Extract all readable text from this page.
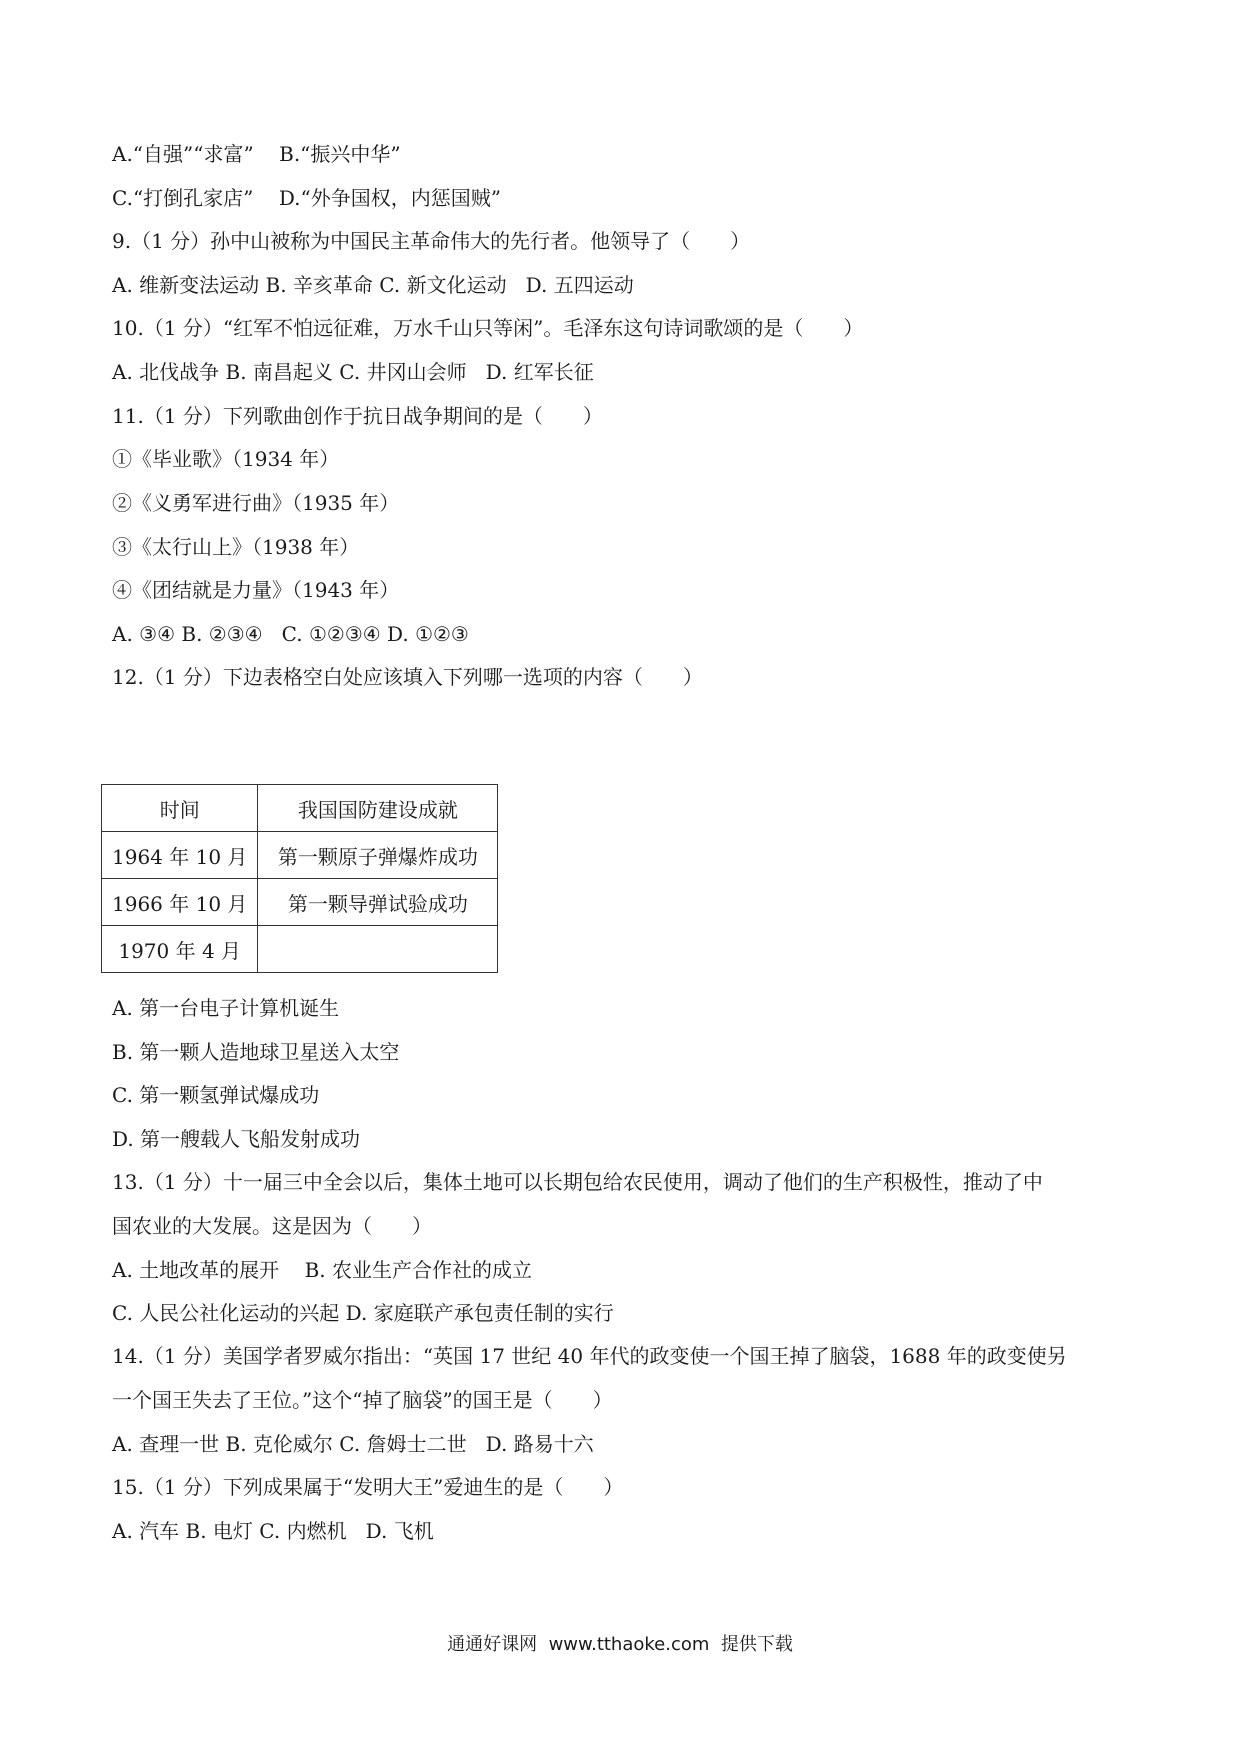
A.“自强”“求富”    B.“振兴中华”
C.“打倒孔家店”    D.“外争国权，内惩国贼”
9.（1 分）孙中山被称为中国民主革命伟大的先行者。他领导了（　　）
A. 维新变法运动 B. 辛亥革命 C. 新文化运动   D. 五四运动
10.（1 分）“红军不怕远征难，万水千山只等闲”。毛泽东这句诗词歌颂的是（　　）
A. 北伐战争 B. 南昌起义 C. 井冈山会师   D. 红军长征
11.（1 分）下列歌曲创作于抗日战争期间的是（　　）
①《毕业歌》（1934 年）
②《义勇军进行曲》（1935 年）
③《太行山上》（1938 年）
④《团结就是力量》（1943 年）
A. ③④ B. ②③④   C. ①②③④ D. ①②③
12.（1 分）下边表格空白处应该填入下列哪一选项的内容（　　）
时间	我国国防建设成就
1964 年 10 月	第一颗原子弹爆炸成功
1966 年 10 月	第一颗导弹试验成功
1970 年 4 月	
A. 第一台电子计算机诞生
B. 第一颗人造地球卫星送入太空
C. 第一颗氢弹试爆成功
D. 第一艘载人飞船发射成功
13.（1 分）十一届三中全会以后，集体土地可以长期包给农民使用，调动了他们的生产积极性，推动了中
国农业的大发展。这是因为（　　）
A. 土地改革的展开    B. 农业生产合作社的成立
C. 人民公社化运动的兴起 D. 家庭联产承包责任制的实行
14.（1 分）美国学者罗威尔指出：“英国 17 世纪 40 年代的政变使一个国王掉了脑袋，1688 年的政变使另
一个国王失去了王位。”这个“掉了脑袋”的国王是（　　）
A. 查理一世 B. 克伦威尔 C. 詹姆士二世   D. 路易十六
15.（1 分）下列成果属于“发明大王”爱迪生的是（　　）
A. 汽车 B. 电灯 C. 内燃机   D. 飞机
通通好课网  www.tthaoke.com  提供下载
